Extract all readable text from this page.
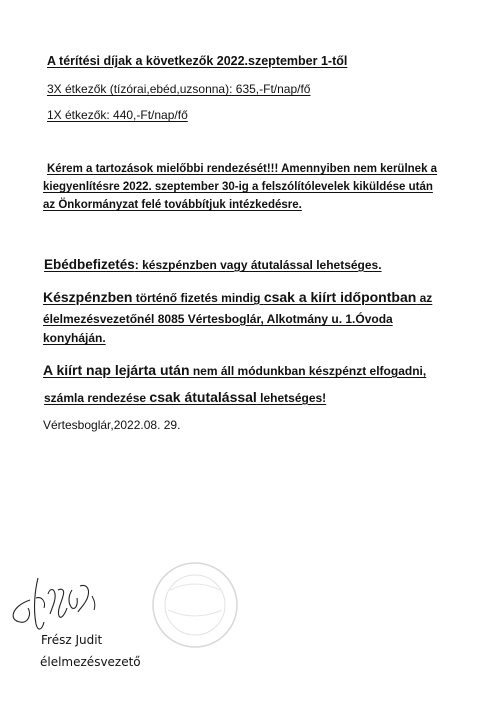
A térítési díjak a következők 2022.szeptember 1-től
3X étkezők (tízórai,ebéd,uzsonna): 635,-Ft/nap/fő
1X étkezők: 440,-Ft/nap/fő
Kérem a tartozások mielőbbi rendezését!!! Amennyiben nem kerülnek a
kiegyenlítésre 2022. szeptember 30-ig a felszólítólevelek kiküldése után
az Önkormányzat felé továbbítjuk intézkedésre.
Ebédbefizetés: készpénzben vagy átutalással lehetséges.
Készpénzben történő fizetés mindig csak a kiírt időpontban az
élelmezésvezetőnél 8085 Vértesboglár, Alkotmány u. 1.Óvoda
konyháján.
A kiírt nap lejárta után nem áll módunkban készpénzt elfogadni,
számla rendezése csak átutalással lehetséges!
Vértesboglár,2022.08. 29.
Frész Judit
élelmezésvezető
